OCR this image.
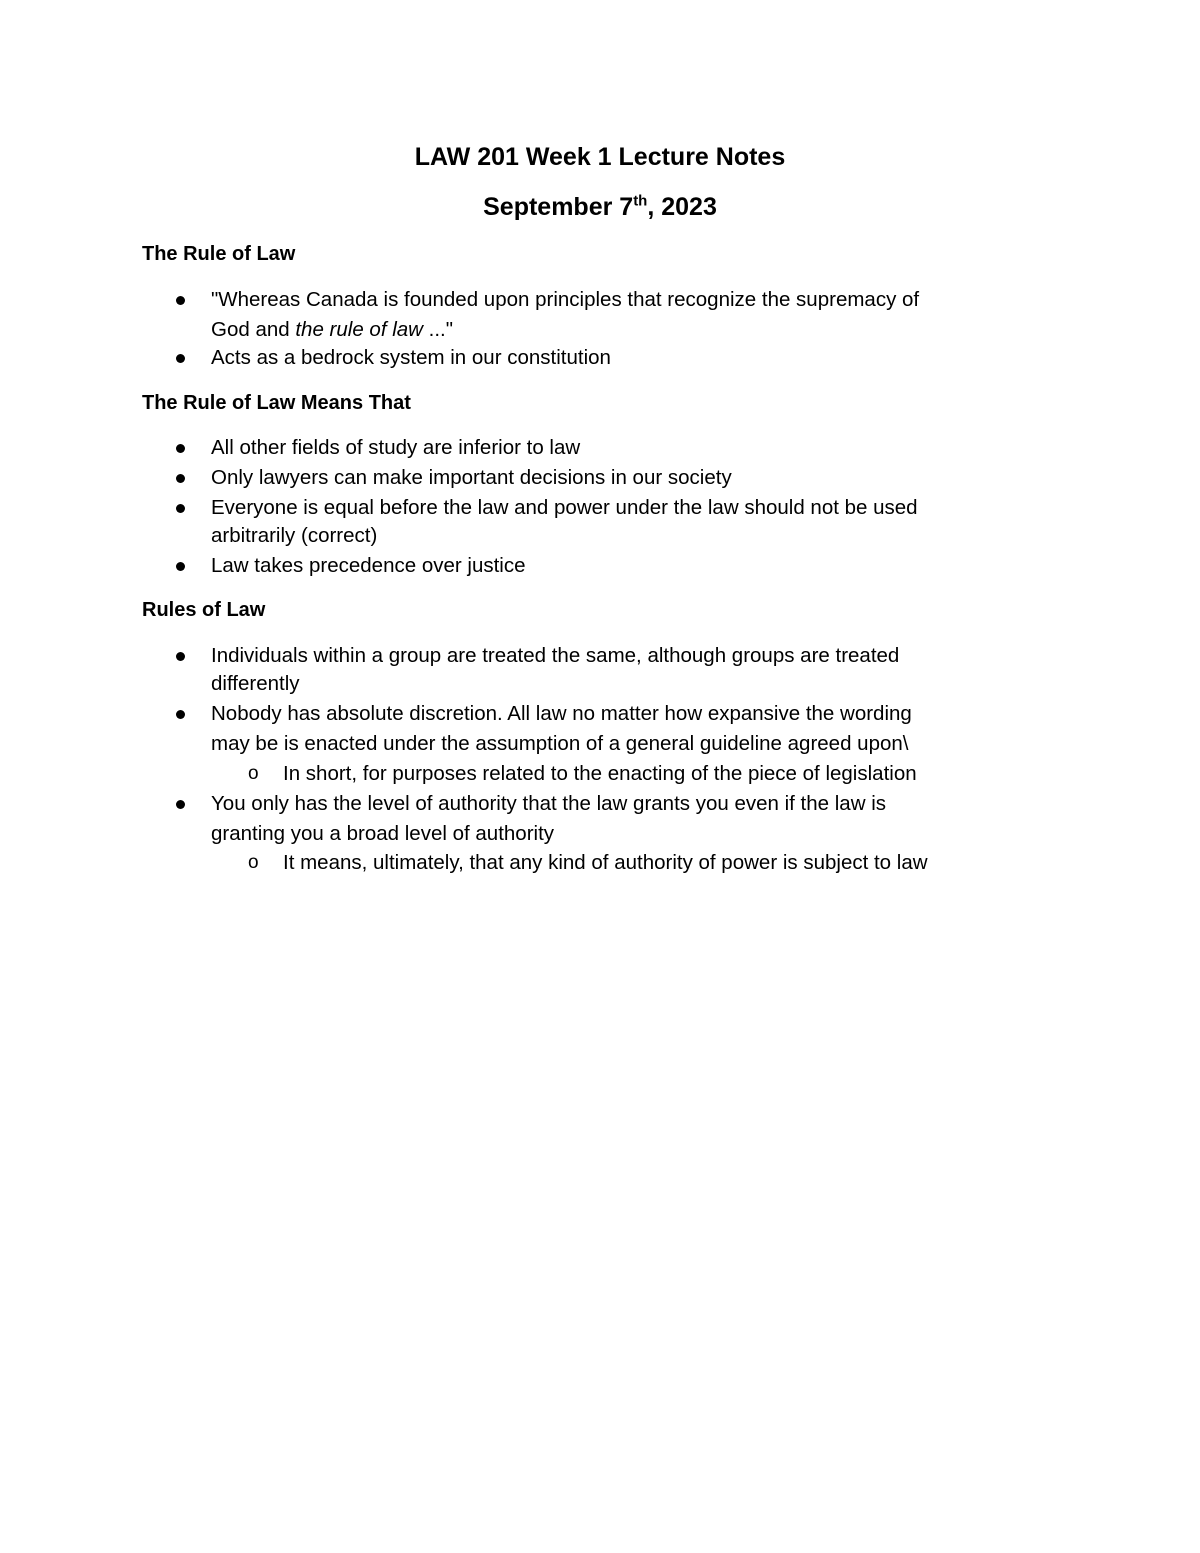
LAW 201 Week 1 Lecture Notes
September 7th, 2023
The Rule of Law
"Whereas Canada is founded upon principles that recognize the supremacy of
God and the rule of law ..."
Acts as a bedrock system in our constitution
The Rule of Law Means That
All other fields of study are inferior to law
Only lawyers can make important decisions in our society
Everyone is equal before the law and power under the law should not be used
arbitrarily (correct)
Law takes precedence over justice
Rules of Law
Individuals within a group are treated the same, although groups are treated
differently
Nobody has absolute discretion. All law no matter how expansive the wording
may be is enacted under the assumption of a general guideline agreed upon\
o In short, for purposes related to the enacting of the piece of legislation
You only has the level of authority that the law grants you even if the law is
granting you a broad level of authority
o It means, ultimately, that any kind of authority of power is subject to law
